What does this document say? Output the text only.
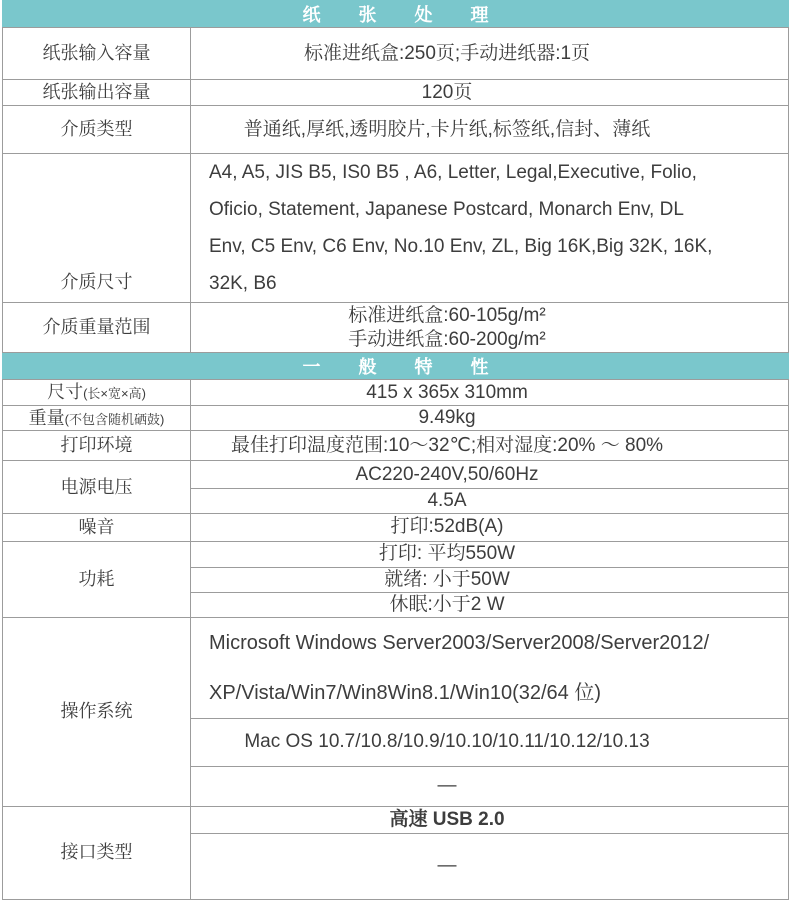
纸张处理	
纸张输入容量	标准进纸盒:250页;手动进纸器:1页
纸张输出容量	120页
介质类型	普通纸,厚纸,透明胶片,卡片纸,标签纸,信封、薄纸
介质尺寸	A4, A5, JIS B5, IS0 B5 , A6, Letter, Legal,Executive, Folio,
Oficio, Statement, Japanese Postcard, Monarch Env, DL
Env, C5 Env, C6 Env, No.10 Env, ZL, Big 16K,Big 32K, 16K,
32K, B6

介质重量范围	标准进纸盒:60-105g/m²
手动进纸盒:60-200g/m²

一般特性	
尺寸(长×宽×高)	415 x 365x 310mm
重量(不包含随机硒鼓)	9.49kg
打印环境	最佳打印温度范围:10～32℃;相对湿度:20% ～ 80%
电源电压	AC220-240V,50/60Hz
	4.5A
噪音	打印:52dB(A)
功耗	打印: 平均550W
	就绪: 小于50W
	休眠:小于2 W
操作系统	Microsoft Windows Server2003/Server2008/Server2012/
XP/Vista/Win7/Win8Win8.1/Win10(32/64 位)

	Mac OS 10.7/10.8/10.9/10.10/10.11/10.12/10.13
	—
接口类型	高速 USB 2.0
	—
